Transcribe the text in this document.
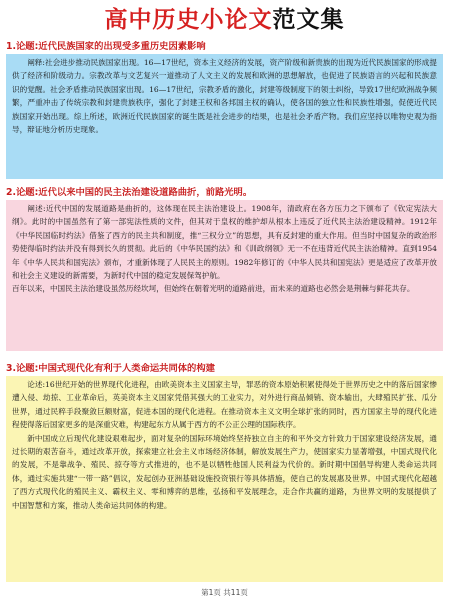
高中历史小论文范文集
1.论题:近代民族国家的出现受多重历史因素影响

阐释:社会进步推动民族国家出现。16—17世纪，资本主义经济的发展，资产阶级和新贵族的出现为近代民族国家的形成提供了经济和阶级动力。宗教改革与文艺复兴一道推动了人文主义的发展和欧洲的思想解放，也促进了民族语言的兴起和民族意识的觉醒。社会矛盾推动民族国家出现。16—17世纪，宗教矛盾的激化，封建等级制度下的领士纠纷，导致17世纪欧洲战争频繁，严重冲击了传统宗教和封建贵族秩序，强化了封建王权和各邦国主权的确认，使各国的独立性和民族性增强，促使近代民族国家开始出现。综上所述，欧洲近代民族国家的诞生既是社会进步的结果，也是社会矛盾产物。我们应坚持以唯物史观为指导，辩证地分析历史现象。

2.论题:近代以来中国的民主法治建设道路曲折，前路光明。

阐述:近代中国的发展道路是曲折的，这体现在民主法治建设上。1908年，清政府在各方压力之下颁布了《钦定宪法大纲》。此时的中国虽然有了第一部宪法性质的文件，但其对于皇权的维护却从根本上违反了近代民主法治建设精神。1912年《中华民国临时约法》借鉴了西方的民主共和制度，推“三权分立”的思想，具有反封建的重大作用。但当时中国复杂的政治形势使得临时约法并没有得到长久的贯彻。此后的《中华民国约法》和《训政纲领》无一不在违背近代民主法治精神。直到1954年《中华人民共和国宪法》颁布，才重新体现了人民民主的原则。1982年修订的《中华人民共和国宪法》更是适应了改革开放和社会主义建设的新需要，为新时代中国的稳定发展保驾护航。

百年以来，中国民主法治建设虽然历经坎坷，但始终在朝着光明的道路前进，而未来的道路也必然会是荆棘与鲜花共存。

3.论题:中国式现代化有利于人类命运共同体的构建

论述:16世纪开始的世界现代化进程，由欧美资本主义国家主导，罪恶的资本原始积累使得处于世界历史之中的落后国家惨遭入侵、劫掠、工业革命后，英美资本主义国家凭借其强大的工业实力，对外进行商品倾销、资本输出，大肆殖民扩张、瓜分世界，通过民粹手段聚敛巨额财富，促进本国的现代化进程。在推动资本主义文明全球扩张的同时，西方国家主导的现代化进程使得落后国家更多的是深重灾难，构建起东方从属于西方的不公正公理的国际秩序。

新中国成立后现代化建设艰难起步，面对复杂的国际环境始终坚持独立自主的和平外交方针致力于国家建设经济发展，通过长期的艰苦奋斗，通过改革开放，探索建立社会主义市场经济体制，解放发展生产力，使国家实力显著增强，中国式现代化的发展，不是靠战争、殖民、掠夺等方式推进的，也不是以牺牲他国人民利益为代价的。新时期中国倡导构建人类命运共同体，通过实施共建“一带一路”倡议，发起创办亚洲基础设施投资银行等具体措施，使自己的发展惠及世界。中国式现代化超越了西方式现代化的殖民主义、霸权主义、零和博弈的思维，弘扬和平发展理念，走合作共赢的道路，为世界文明的发展提供了中国智慧和方案，推动人类命运共同体的构建。

第1页 共11页
